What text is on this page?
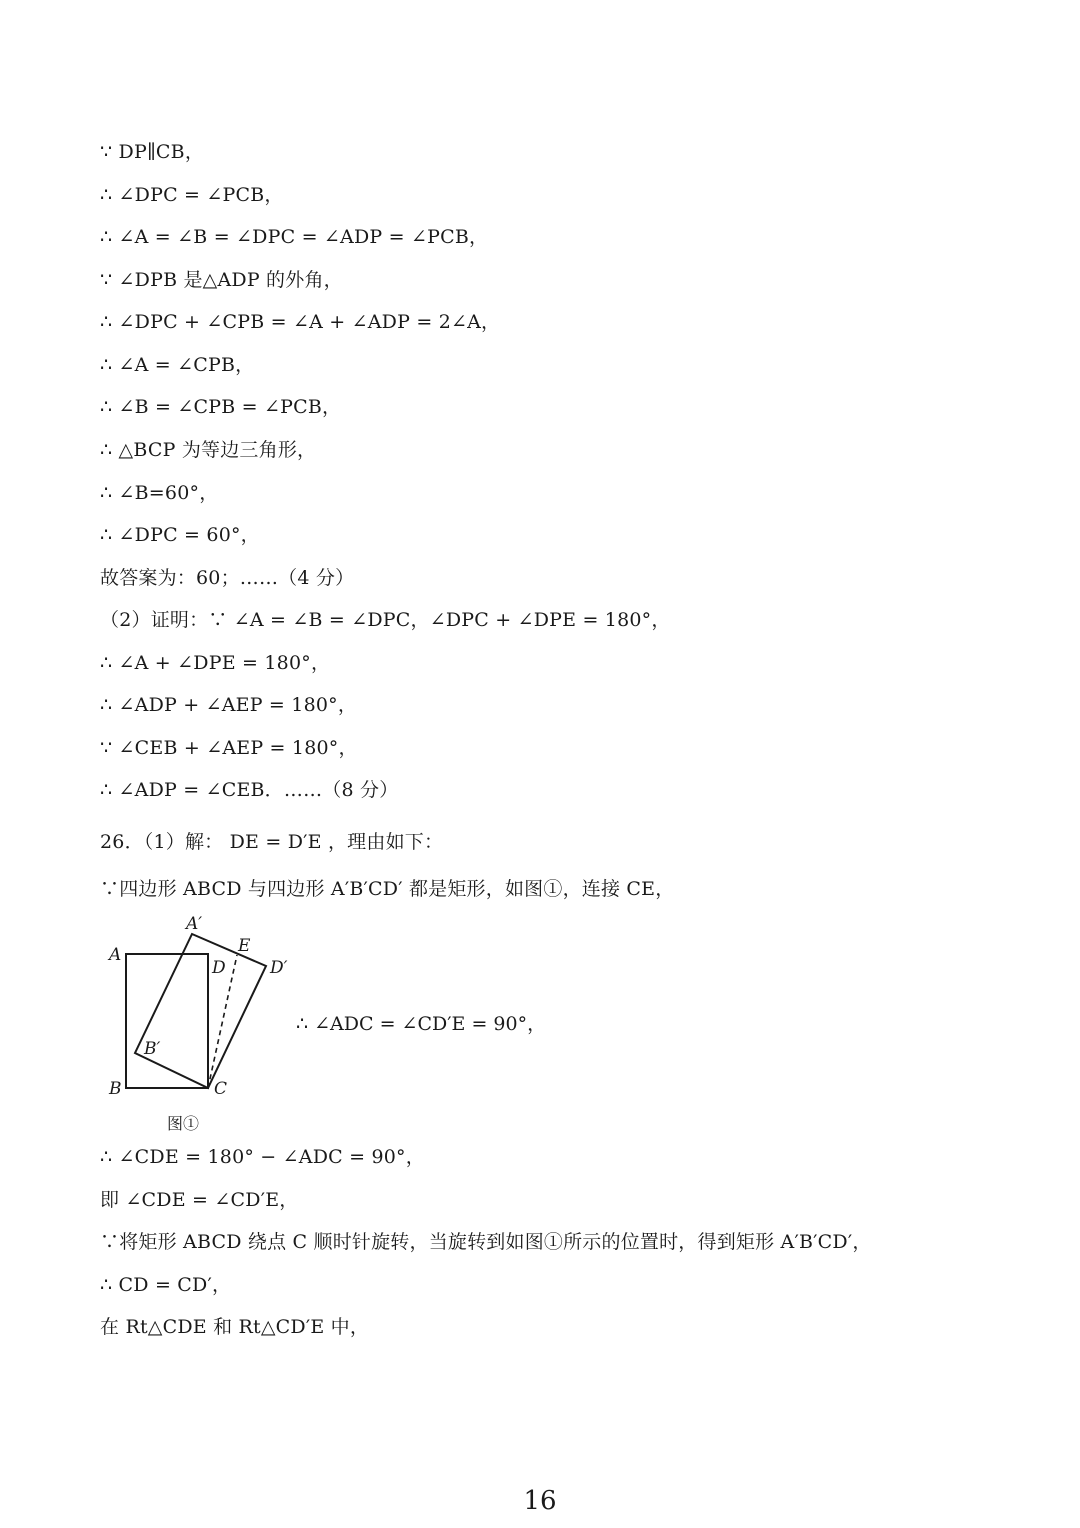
∵ DP∥CB，
∴ ∠DPC = ∠PCB，
∴ ∠A = ∠B = ∠DPC = ∠ADP = ∠PCB，
∵ ∠DPB 是△ADP 的外角，
∴ ∠DPC + ∠CPB = ∠A + ∠ADP = 2∠A，
∴ ∠A = ∠CPB，
∴ ∠B = ∠CPB = ∠PCB，
∴ △BCP 为等边三角形，
∴ ∠B=60°，
∴ ∠DPC = 60°，
故答案为：60；……（4 分）
（2）证明：∵ ∠A = ∠B = ∠DPC，∠DPC + ∠DPE = 180°，
∴ ∠A + ∠DPE = 180°，
∴ ∠ADP + ∠AEP = 180°，
∵ ∠CEB + ∠AEP = 180°，
∴ ∠ADP = ∠CEB．……（8 分）
26．（1）解： DE = D′E ，理由如下：
∵四边形 ABCD 与四边形 A′B′CD′ 都是矩形，如图①，连接 CE，
A
B	C
D
E
A′
B′
D′
图①
∴ ∠ADC = ∠CD′E = 90°，
∴ ∠CDE = 180° − ∠ADC = 90°，
即 ∠CDE = ∠CD′E，
∵将矩形 ABCD 绕点 C 顺时针旋转，当旋转到如图①所示的位置时，得到矩形 A′B′CD′，
∴ CD = CD′，
在 Rt△CDE 和 Rt△CD′E 中，
16
